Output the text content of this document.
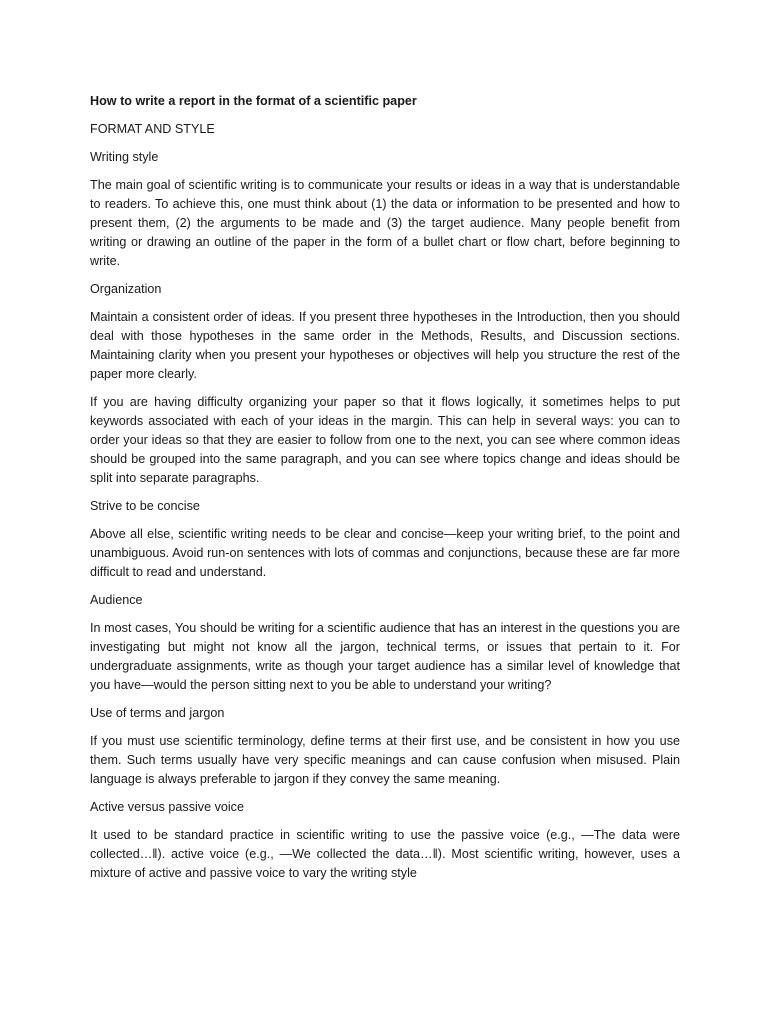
How to write a report in the format of a scientific paper

FORMAT AND STYLE

Writing style

The main goal of scientific writing is to communicate your results or ideas in a way that is understandable to readers. To achieve this, one must think about (1) the data or information to be presented and how to present them, (2) the arguments to be made and (3) the target audience. Many people benefit from writing or drawing an outline of the paper in the form of a bullet chart or flow chart, before beginning to write.

Organization

Maintain a consistent order of ideas. If you present three hypotheses in the Introduction, then you should deal with those hypotheses in the same order in the Methods, Results, and Discussion sections. Maintaining clarity when you present your hypotheses or objectives will help you structure the rest of the paper more clearly.

If you are having difficulty organizing your paper so that it flows logically, it sometimes helps to put keywords associated with each of your ideas in the margin. This can help in several ways: you can to order your ideas so that they are easier to follow from one to the next, you can see where common ideas should be grouped into the same paragraph, and you can see where topics change and ideas should be split into separate paragraphs.

Strive to be concise

Above all else, scientific writing needs to be clear and concise—keep your writing brief, to the point and unambiguous. Avoid run-on sentences with lots of commas and conjunctions, because these are far more difficult to read and understand.

Audience

In most cases, You should be writing for a scientific audience that has an interest in the questions you are investigating but might not know all the jargon, technical terms, or issues that pertain to it. For undergraduate assignments, write as though your target audience has a similar level of knowledge that you have—would the person sitting next to you be able to understand your writing?

Use of terms and jargon

If you must use scientific terminology, define terms at their first use, and be consistent in how you use them. Such terms usually have very specific meanings and can cause confusion when misused. Plain language is always preferable to jargon if they convey the same meaning.

Active versus passive voice

It used to be standard practice in scientific writing to use the passive voice (e.g., —The data were collected…‖). active voice (e.g., —We collected the data…‖). Most scientific writing, however, uses a mixture of active and passive voice to vary the writing style
